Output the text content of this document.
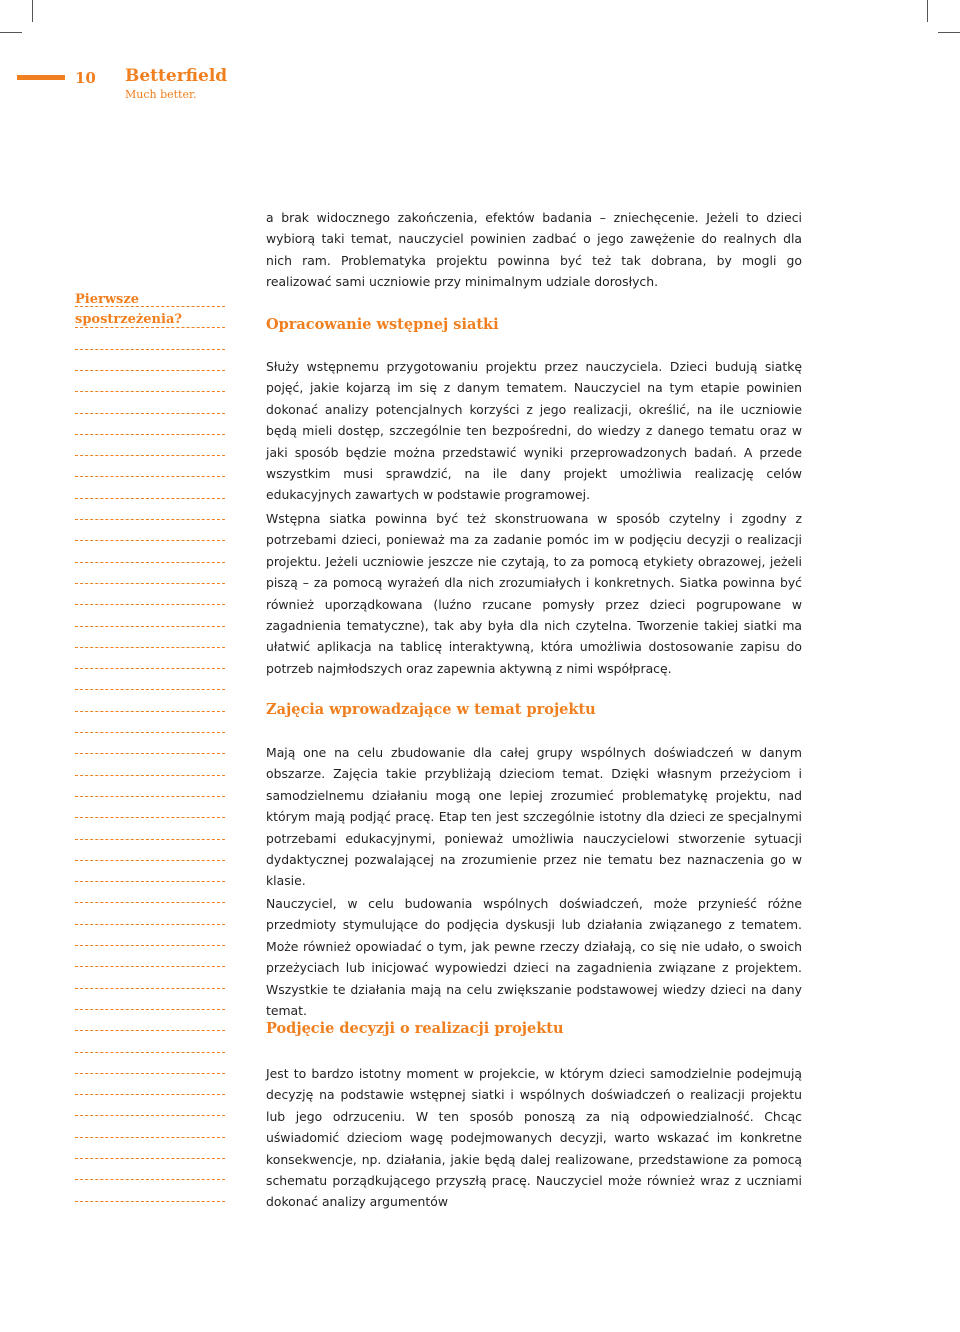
10 Betterfield
Much better.
Pierwsze
spostrzeżenia?

a brak widocznego zakończenia, efektów badania – zniechęcenie. Jeżeli to dzieci wybiorą taki temat, nauczyciel powinien zadbać o jego zawężenie do realnych dla nich ram. Problematyka projektu powinna być też tak dobrana, by mogli go realizować sami uczniowie przy minimalnym udziale dorosłych.

Opracowanie wstępnej siatki

Służy wstępnemu przygotowaniu projektu przez nauczyciela. Dzieci budują siatkę pojęć, jakie kojarzą im się z danym tematem. Nauczyciel na tym etapie powinien dokonać analizy potencjalnych korzyści z jego realizacji, określić, na ile uczniowie będą mieli dostęp, szczególnie ten bezpośredni, do wiedzy z danego tematu oraz w jaki sposób będzie można przedstawić wyniki przeprowadzonych badań. A przede wszystkim musi sprawdzić, na ile dany projekt umożliwia realizację celów edukacyjnych zawartych w podstawie programowej.

Wstępna siatka powinna być też skonstruowana w sposób czytelny i zgodny z potrzebami dzieci, ponieważ ma za zadanie pomóc im w podjęciu decyzji o realizacji projektu. Jeżeli uczniowie jeszcze nie czytają, to za pomocą etykiety obrazowej, jeżeli piszą – za pomocą wyrażeń dla nich zrozumiałych i konkretnych. Siatka powinna być również uporządkowana (luźno rzucane pomysły przez dzieci pogrupowane w zagadnienia tematyczne), tak aby była dla nich czytelna. Tworzenie takiej siatki ma ułatwić aplikacja na tablicę interaktywną, która umożliwia dostosowanie zapisu do potrzeb najmłodszych oraz zapewnia aktywną z nimi współpracę.

Zajęcia wprowadzające w temat projektu

Mają one na celu zbudowanie dla całej grupy wspólnych doświadczeń w danym obszarze. Zajęcia takie przybliżają dzieciom temat. Dzięki własnym przeżyciom i samodzielnemu działaniu mogą one lepiej zrozumieć problematykę projektu, nad którym mają podjąć pracę. Etap ten jest szczególnie istotny dla dzieci ze specjalnymi potrzebami edukacyjnymi, ponieważ umożliwia nauczycielowi stworzenie sytuacji dydaktycznej pozwalającej na zrozumienie przez nie tematu bez naznaczenia go w klasie.

Nauczyciel, w celu budowania wspólnych doświadczeń, może przynieść różne przedmioty stymulujące do podjęcia dyskusji lub działania związanego z tematem. Może również opowiadać o tym, jak pewne rzeczy działają, co się nie udało, o swoich przeżyciach lub inicjować wypowiedzi dzieci na zagadnienia związane z projektem. Wszystkie te działania mają na celu zwiększanie podstawowej wiedzy dzieci na dany temat.

Podjęcie decyzji o realizacji projektu

Jest to bardzo istotny moment w projekcie, w którym dzieci samodzielnie podejmują decyzję na podstawie wstępnej siatki i wspólnych doświadczeń o realizacji projektu lub jego odrzuceniu. W ten sposób ponoszą za nią odpowiedzialność. Chcąc uświadomić dzieciom wagę podejmowanych decyzji, warto wskazać im konkretne konsekwencje, np. działania, jakie będą dalej realizowane, przedstawione za pomocą schematu porządkującego przyszłą pracę. Nauczyciel może również wraz z uczniami dokonać analizy argumentów
